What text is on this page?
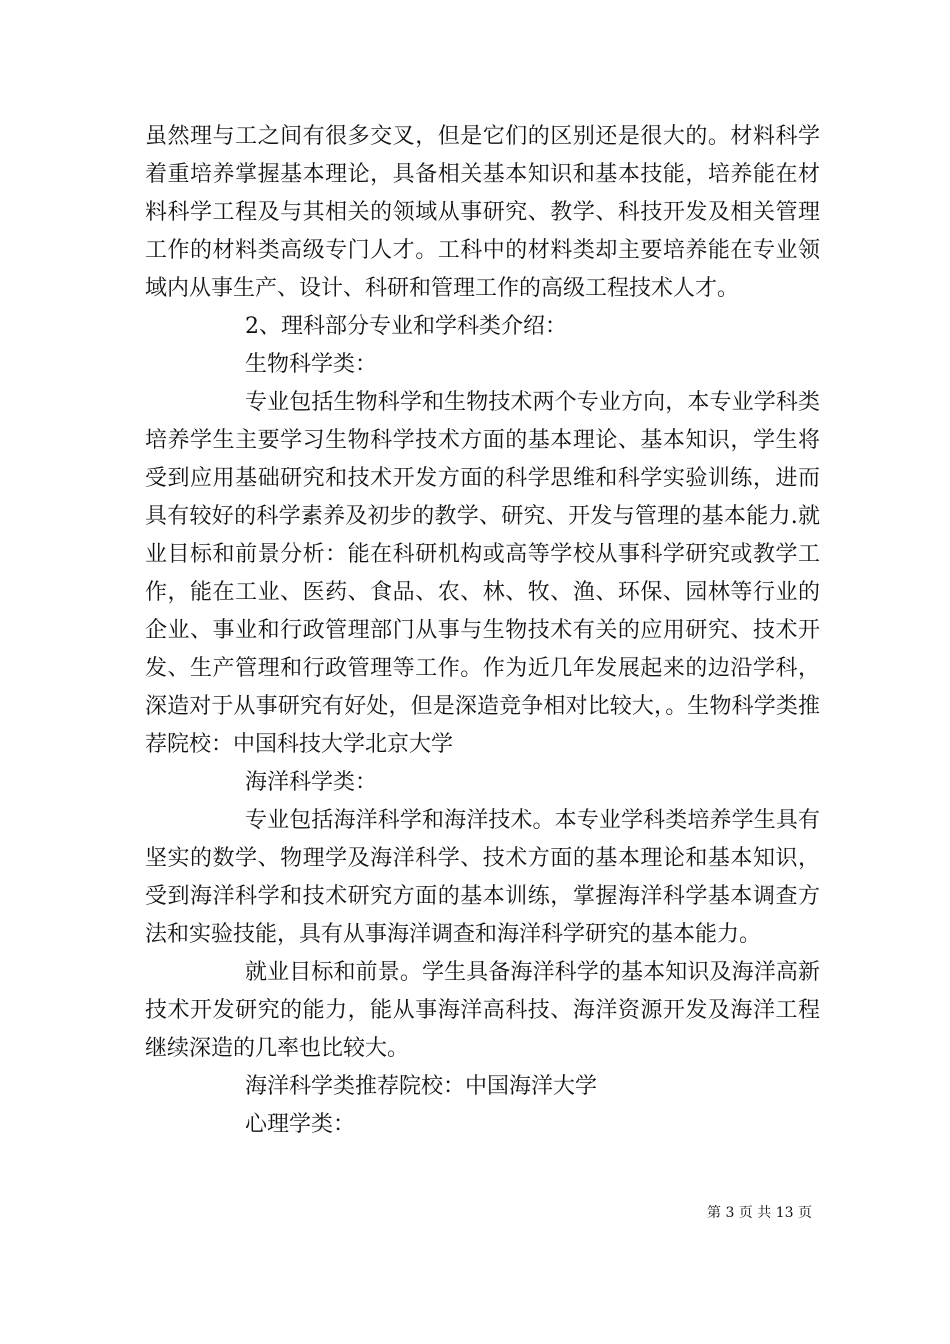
虽然理与工之间有很多交叉，但是它们的区别还是很大的。材料科学着重培养掌握基本理论，具备相关基本知识和基本技能，培养能在材料科学工程及与其相关的领域从事研究、教学、科技开发及相关管理工作的材料类高级专门人才。工科中的材料类却主要培养能在专业领域内从事生产、设计、科研和管理工作的高级工程技术人才。

2、理科部分专业和学科类介绍：

生物科学类：

专业包括生物科学和生物技术两个专业方向，本专业学科类培养学生主要学习生物科学技术方面的基本理论、基本知识，学生将受到应用基础研究和技术开发方面的科学思维和科学实验训练，进而具有较好的科学素养及初步的教学、研究、开发与管理的基本能力.就业目标和前景分析：能在科研机构或高等学校从事科学研究或教学工作，能在工业、医药、食品、农、林、牧、渔、环保、园林等行业的企业、事业和行政管理部门从事与生物技术有关的应用研究、技术开发、生产管理和行政管理等工作。作为近几年发展起来的边沿学科，深造对于从事研究有好处，但是深造竞争相对比较大，。生物科学类推荐院校：中国科技大学北京大学

海洋科学类：

专业包括海洋科学和海洋技术。本专业学科类培养学生具有坚实的数学、物理学及海洋科学、技术方面的基本理论和基本知识，受到海洋科学和技术研究方面的基本训练，掌握海洋科学基本调查方法和实验技能，具有从事海洋调查和海洋科学研究的基本能力。

就业目标和前景。学生具备海洋科学的基本知识及海洋高新技术开发研究的能力，能从事海洋高科技、海洋资源开发及海洋工程继续深造的几率也比较大。

海洋科学类推荐院校：中国海洋大学

心理学类：

第 3 页 共 13 页
